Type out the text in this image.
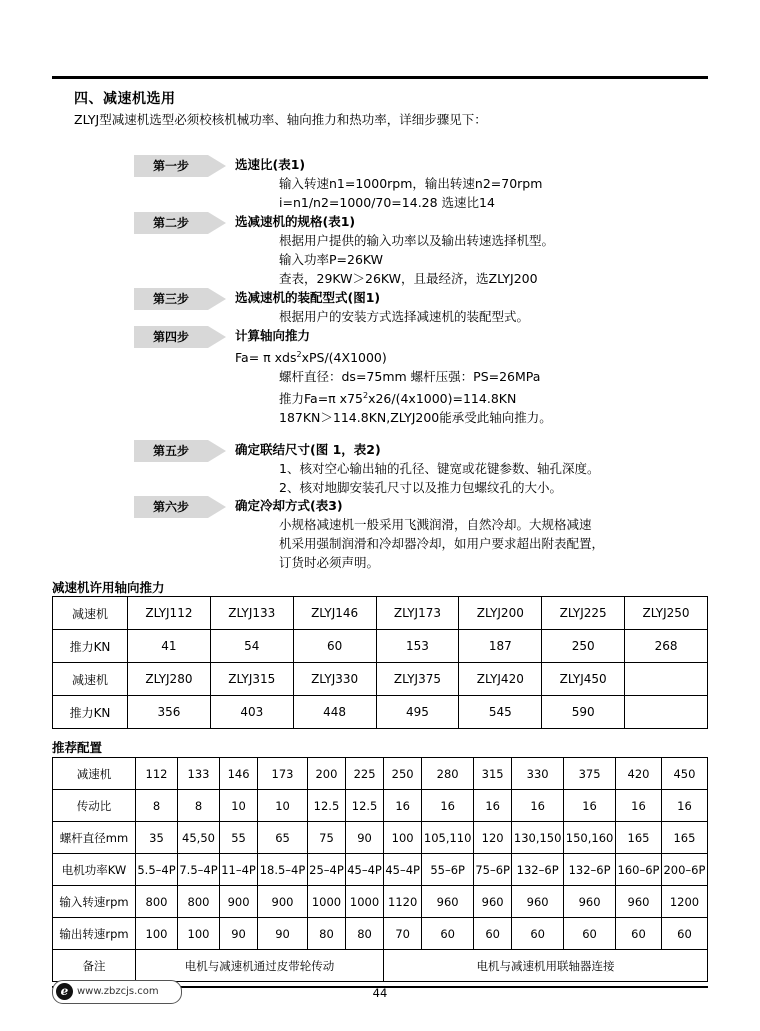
四、减速机选用
ZLYJ型减速机选型必须校核机械功率、轴向推力和热功率，详细步骤见下：
第一步	选速比(表1)
输入转速n1=1000rpm，输出转速n2=70rpm
i=n1/n2=1000/70=14.28 选速比14
第二步	选减速机的规格(表1)
根据用户提供的输入功率以及输出转速选择机型。
输入功率P=26KW
查表，29KW＞26KW，且最经济，选ZLYJ200
第三步	选减速机的装配型式(图1)
根据用户的安装方式选择减速机的装配型式。
第四步	计算轴向推力
Fa= π xds$^2$xPS/(4X1000)
螺杆直径：ds=75mm 螺杆压强：PS=26MPa
推力Fa=π $x75^2x26/(4x1000)=114.8KN$
187KN＞114.8KN,ZLYJ200能承受此轴向推力。
第五步	确定联结尺寸(图 1，表2)
1、核对空心输出轴的孔径、键宽或花键参数、轴孔深度。
2、核对地脚安装孔尺寸以及推力包螺纹孔的大小。
第六步	确定冷却方式(表3)
小规格减速机一般采用飞溅润滑，自然冷却。大规格减速
机采用强制润滑和冷却器冷却，如用户要求超出附表配置，
订货时必须声明。
减速机许用轴向推力
减速机	ZLYJ112	ZLYJ133	ZLYJ146	ZLYJ173	ZLYJ200	ZLYJ225	ZLYJ250
推力KN	41	54	60	153	187	250	268
减速机	ZLYJ280	ZLYJ315	ZLYJ330	ZLYJ375	ZLYJ420	ZLYJ450	
推力KN	356	403	448	495	545	590	
推荐配置
减速机	112	133	146	173	200	225	250	280	315	330	375	420	450
传动比	8	8	10	10	12.5	12.5	16	16	16	16	16	16	16
螺杆直径mm	35	45,50	55	65	75	90	100	105,110	120	130,150	150,160	165	165
电机功率KW	5.5–4P	7.5–4P	11–4P	18.5–4P	25–4P	45–4P	45–4P	55–6P	75–6P	132–6P	132–6P	160–6P	200–6P
输入转速rpm	800	800	900	900	1000	1000	1120	960	960	960	960	960	1200
输出转速rpm	100	100	90	90	80	80	70	60	60	60	60	60	60
备注	电机与减速机通过皮带轮传动						电机与减速机用联轴器连接						
e www.zbzcjs.com	44
